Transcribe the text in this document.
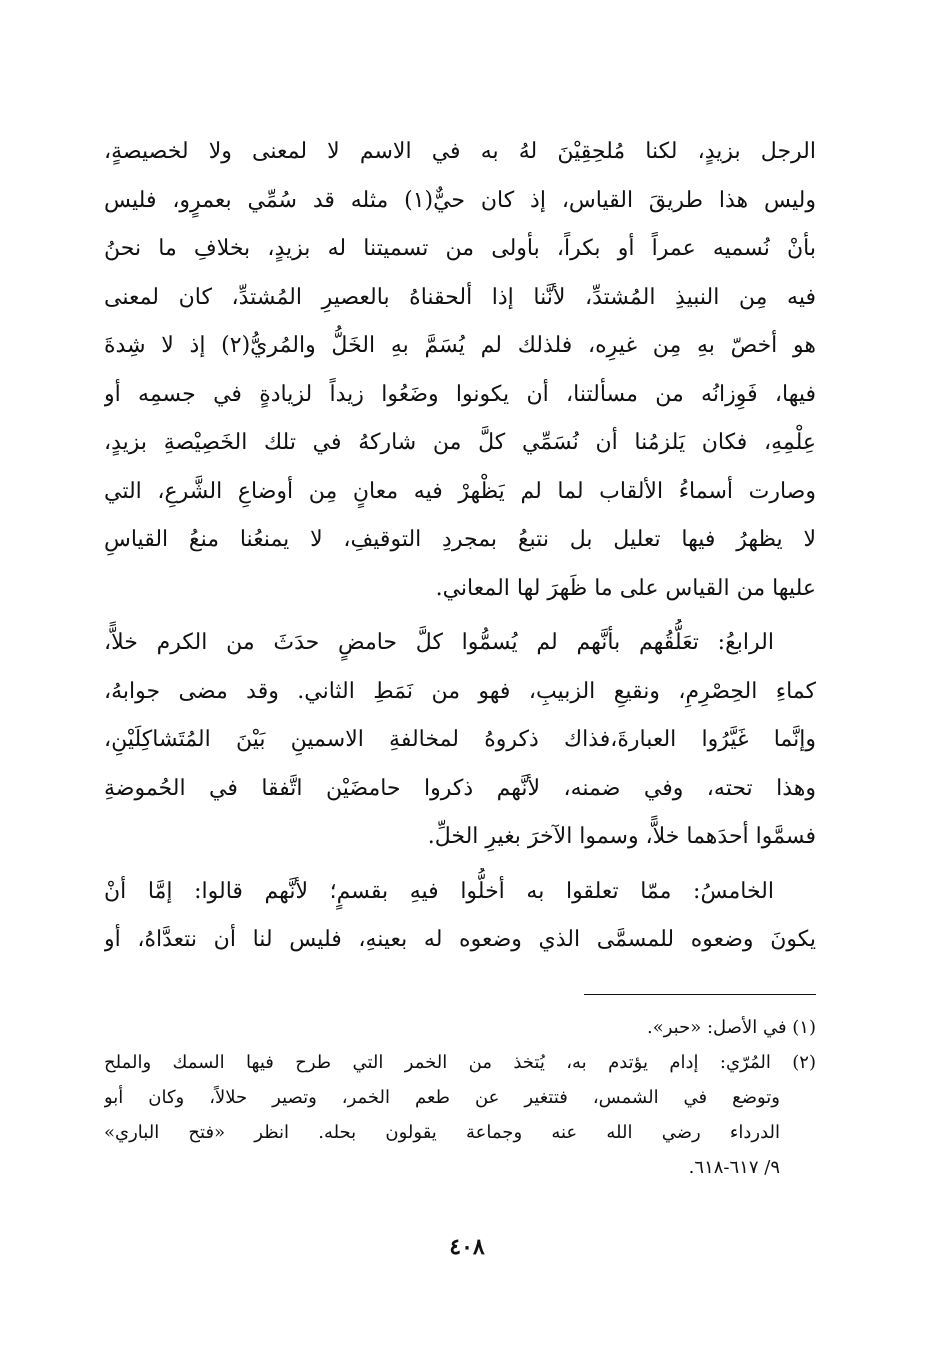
الرجل بزيدٍ، لكنا مُلحِقِيْنَ لهُ به في الاسم لا لمعنى ولا لخصيصةٍ،
وليس هذا طريقَ القياس، إذ كان حيٌّ(١) مثله قد سُمِّي بعمرٍو، فليس
بأنْ نُسميه عمراً أو بكراً، بأولى من تسميتنا له بزيدٍ، بخلافِ ما نحنُ
فيه مِن النبيذِ المُشتدِّ، لأنَّنا إذا ألحقناهُ بالعصيرِ المُشتدِّ، كان لمعنى
هو أخصّ بهِ مِن غيرِه، فلذلك لم يُسَمَّ بهِ الخَلُّ والمُريُّ(٢) إذ لا شِدةَ
فيها، فَوِزانُه من مسألتنا، أن يكونوا وضَعُوا زيداً لزيادةٍ في جسمِه أو
عِلْمِهِ، فكان يَلزمُنا أن نُسَمِّي كلَّ من شاركهُ في تلك الخَصِيْصةِ بزيدٍ،
وصارت أسماءُ الألقاب لما لم يَظْهرْ فيه معانٍ مِن أوضاعِ الشَّرعِ، التي
لا يظهرُ فيها تعليل بل نتبعُ بمجردِ التوقيفِ، لا يمنعُنا منعُ القياسِ
عليها من القياس على ما ظَهرَ لها المعاني.
الرابعُ: تعَلُّقُهم بأنَّهم لم يُسمُّوا كلَّ حامضٍ حدَثَ من الكرم خلاًّ،
كماءِ الحِصْرِمِ، ونقيعِ الزبيبِ، فهو من نَمَطِ الثاني. وقد مضى جوابهُ،
وإنَّما غَيَّرُوا العبارةَ،فذاك ذكروهُ لمخالفةِ الاسمينِ بَيْنَ المُتَشاكِلَيْنِ،
وهذا تحته، وفي ضمنه، لأنَّهم ذكروا حامضَيْن اتَّفقا في الحُموضةِ
فسمَّوا أحدَهما خلاًّ، وسموا الآخرَ بغيرِ الخلِّ.
الخامسُ: ممّا تعلقوا به أخلُّوا فيهِ بقسمٍ؛ لأنَّهم قالوا: إمَّا أنْ
يكونَ وضعوه للمسمَّى الذي وضعوه له بعينهِ، فليس لنا أن نتعدَّاهُ، أو
(١) في الأصل: «حبر».
(٢) المُرّي: إدام يؤتدم به، يُتخذ من الخمر التي طرح فيها السمك والملح
وتوضع في الشمس، فتتغير عن طعم الخمر، وتصير حلالاً، وكان أبو
الدرداء رضي الله عنه وجماعة يقولون بحله. انظر «فتح الباري»
٩/ ٦١٧-٦١٨.
٤٠٨
